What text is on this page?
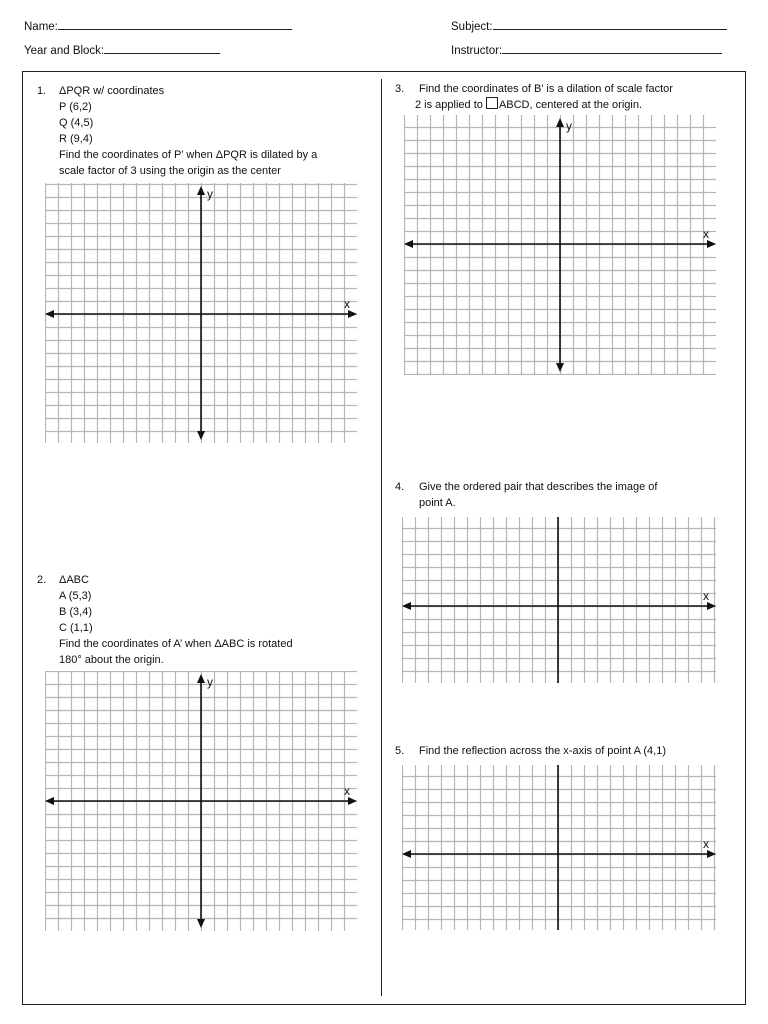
Name:	Subject:
Year and Block:	Instructor:
1. ΔPQR w/ coordinates
P (6,2)
Q (4,5)
R (9,4)
Find the coordinates of P’ when ΔPQR is dilated by a
scale factor of 3 using the origin as the center
x
y
2. ΔABC
A (5,3)
B (3,4)
C (1,1)
Find the coordinates of A’ when ΔABC is rotated
180° about the origin.
x
y
3. Find the coordinates of B’ is a dilation of scale factor
2 is applied to ABCD, centered at the origin.
x
y
4. Give the ordered pair that describes the image of
point A.
x
5. Find the reflection across the x-axis of point A (4,1)
x
